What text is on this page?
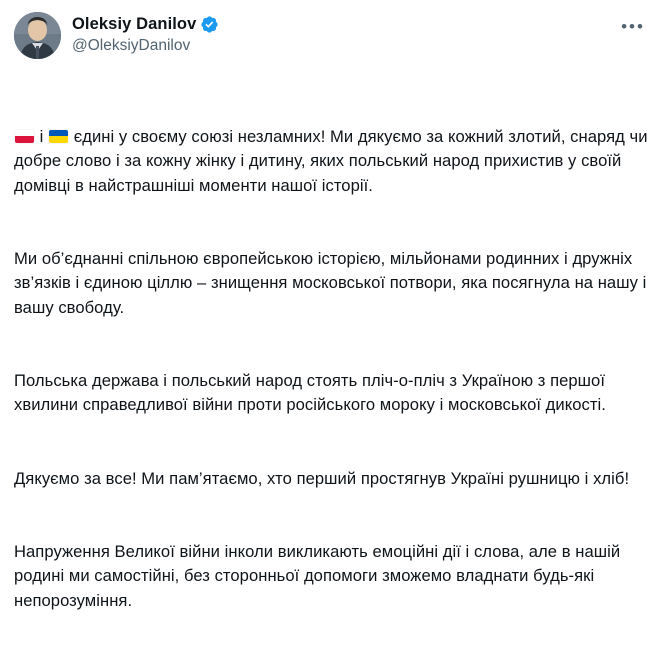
Oleksiy Danilov
@OleksiyDanilov
•••

і
єдині у своєму союзі незламних! Ми дякуємо за кожний злотий, снаряд чи добре слово і за кожну жінку і дитину, яких польський народ прихистив у своїй домівці в найстрашніші моменти нашої історії.

Ми об’єднанні спільною європейською історією, мільйонами родинних і дружніх зв’язків і єдиною ціллю – знищення московської потвори, яка посягнула на нашу і вашу свободу.

Польська держава і польський народ стоять пліч-о-пліч з Україною з першої хвилини справедливої війни проти російського мороку і московської дикості.

Дякуємо за все! Ми пам’ятаємо, хто перший простягнув Україні рушницю і хліб!

Напруження Великої війни інколи викликають емоційні дії і слова, але в нашій родині ми самостійні, без сторонньої допомоги зможемо владнати будь-які непорозуміння.
